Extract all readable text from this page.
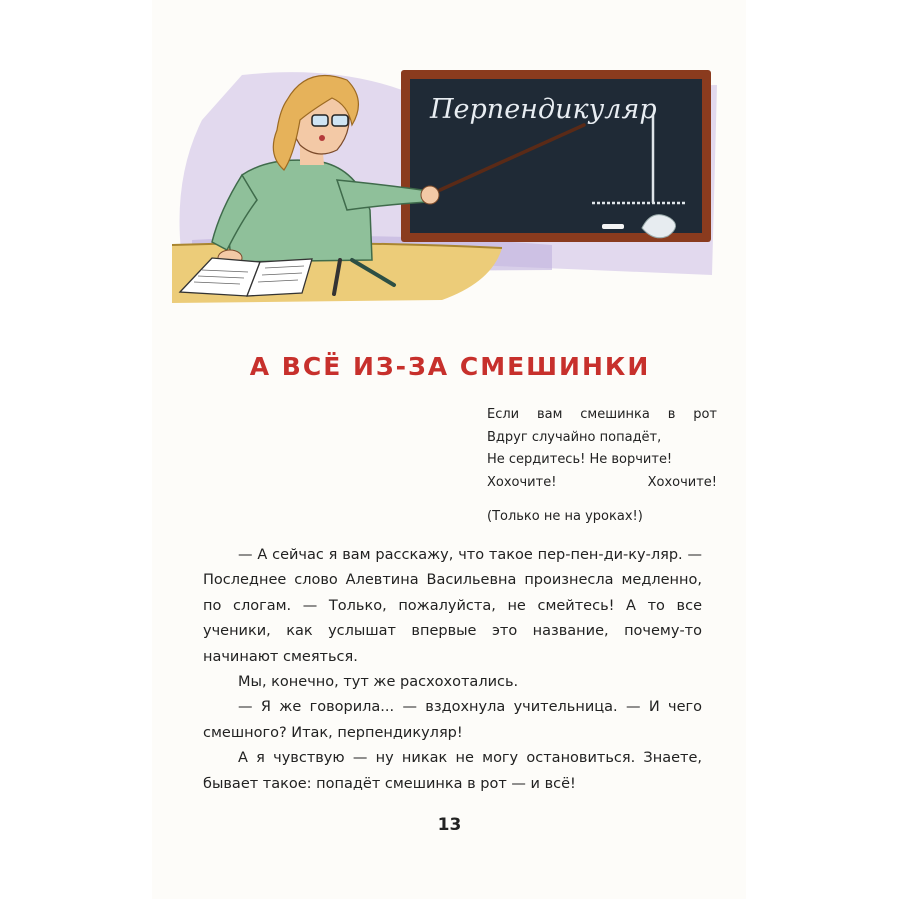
Перпендикуляр
А ВСЁ ИЗ-ЗА СМЕШИНКИ
Если вам смешинка в рот
Вдруг случайно попадёт,
Не сердитесь! Не ворчите!
Хохочите! Хохочите!
(Только не на уроках!)
— А сейчас я вам расскажу, что такое пер-пен-ди-ку-ляр. — Последнее слово Алевтина Васильевна произнесла медленно, по слогам. — Только, пожалуйста, не смейтесь! А то все ученики, как услышат впервые это название, почему-то начинают смеяться.
Мы, конечно, тут же расхохотались.
— Я же говорила... — вздохнула учительница. — И чего смешного? Итак, перпендикуляр!
А я чувствую — ну никак не могу остановиться. Знаете, бывает такое: попадёт смешинка в рот — и всё!
13
